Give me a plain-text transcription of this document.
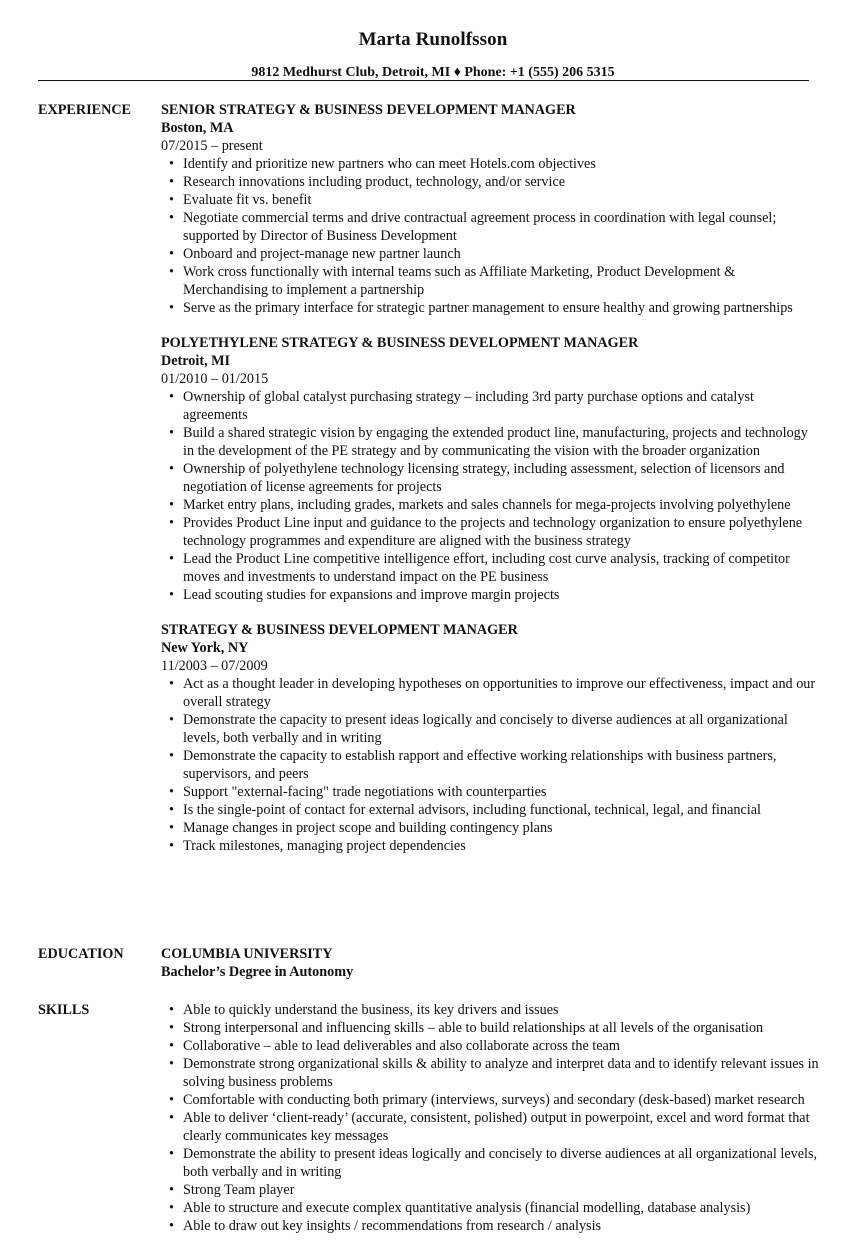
Marta Runolfsson
9812 Medhurst Club, Detroit, MI ♦ Phone: +1 (555) 206 5315
EXPERIENCE SENIOR STRATEGY & BUSINESS DEVELOPMENT MANAGER
Boston, MA
07/2015 – present
• Identify and prioritize new partners who can meet Hotels.com objectives
• Research innovations including product, technology, and/or service
• Evaluate fit vs. benefit
• Negotiate commercial terms and drive contractual agreement process in coordination with legal counsel; supported by Director of Business Development
• Onboard and project-manage new partner launch
• Work cross functionally with internal teams such as Affiliate Marketing, Product Development & Merchandising to implement a partnership
• Serve as the primary interface for strategic partner management to ensure healthy and growing partnerships
POLYETHYLENE STRATEGY & BUSINESS DEVELOPMENT MANAGER
Detroit, MI
01/2010 – 01/2015
• Ownership of global catalyst purchasing strategy – including 3rd party purchase options and catalyst agreements
• Build a shared strategic vision by engaging the extended product line, manufacturing, projects and technology in the development of the PE strategy and by communicating the vision with the broader organization
• Ownership of polyethylene technology licensing strategy, including assessment, selection of licensors and negotiation of license agreements for projects
• Market entry plans, including grades, markets and sales channels for mega-projects involving polyethylene
• Provides Product Line input and guidance to the projects and technology organization to ensure polyethylene technology programmes and expenditure are aligned with the business strategy
• Lead the Product Line competitive intelligence effort, including cost curve analysis, tracking of competitor moves and investments to understand impact on the PE business
• Lead scouting studies for expansions and improve margin projects
STRATEGY & BUSINESS DEVELOPMENT MANAGER
New York, NY
11/2003 – 07/2009
• Act as a thought leader in developing hypotheses on opportunities to improve our effectiveness, impact and our overall strategy
• Demonstrate the capacity to present ideas logically and concisely to diverse audiences at all organizational levels, both verbally and in writing
• Demonstrate the capacity to establish rapport and effective working relationships with business partners, supervisors, and peers
• Support "external-facing" trade negotiations with counterparties
• Is the single-point of contact for external advisors, including functional, technical, legal, and financial
• Manage changes in project scope and building contingency plans
• Track milestones, managing project dependencies
EDUCATION	COLUMBIA UNIVERSITY
Bachelor’s Degree in Autonomy
SKILLS
•	Able to quickly understand the business, its key drivers and issues
• Strong interpersonal and influencing skills – able to build relationships at all levels of the organisation
• Collaborative – able to lead deliverables and also collaborate across the team
• Demonstrate strong organizational skills & ability to analyze and interpret data and to identify relevant issues in solving business problems
• Comfortable with conducting both primary (interviews, surveys) and secondary (desk-based) market research
• Able to deliver ‘client-ready’ (accurate, consistent, polished) output in powerpoint, excel and word format that clearly communicates key messages
• Demonstrate the ability to present ideas logically and concisely to diverse audiences at all organizational levels, both verbally and in writing
• Strong Team player
• Able to structure and execute complex quantitative analysis (financial modelling, database analysis)
• Able to draw out key insights / recommendations from research / analysis
